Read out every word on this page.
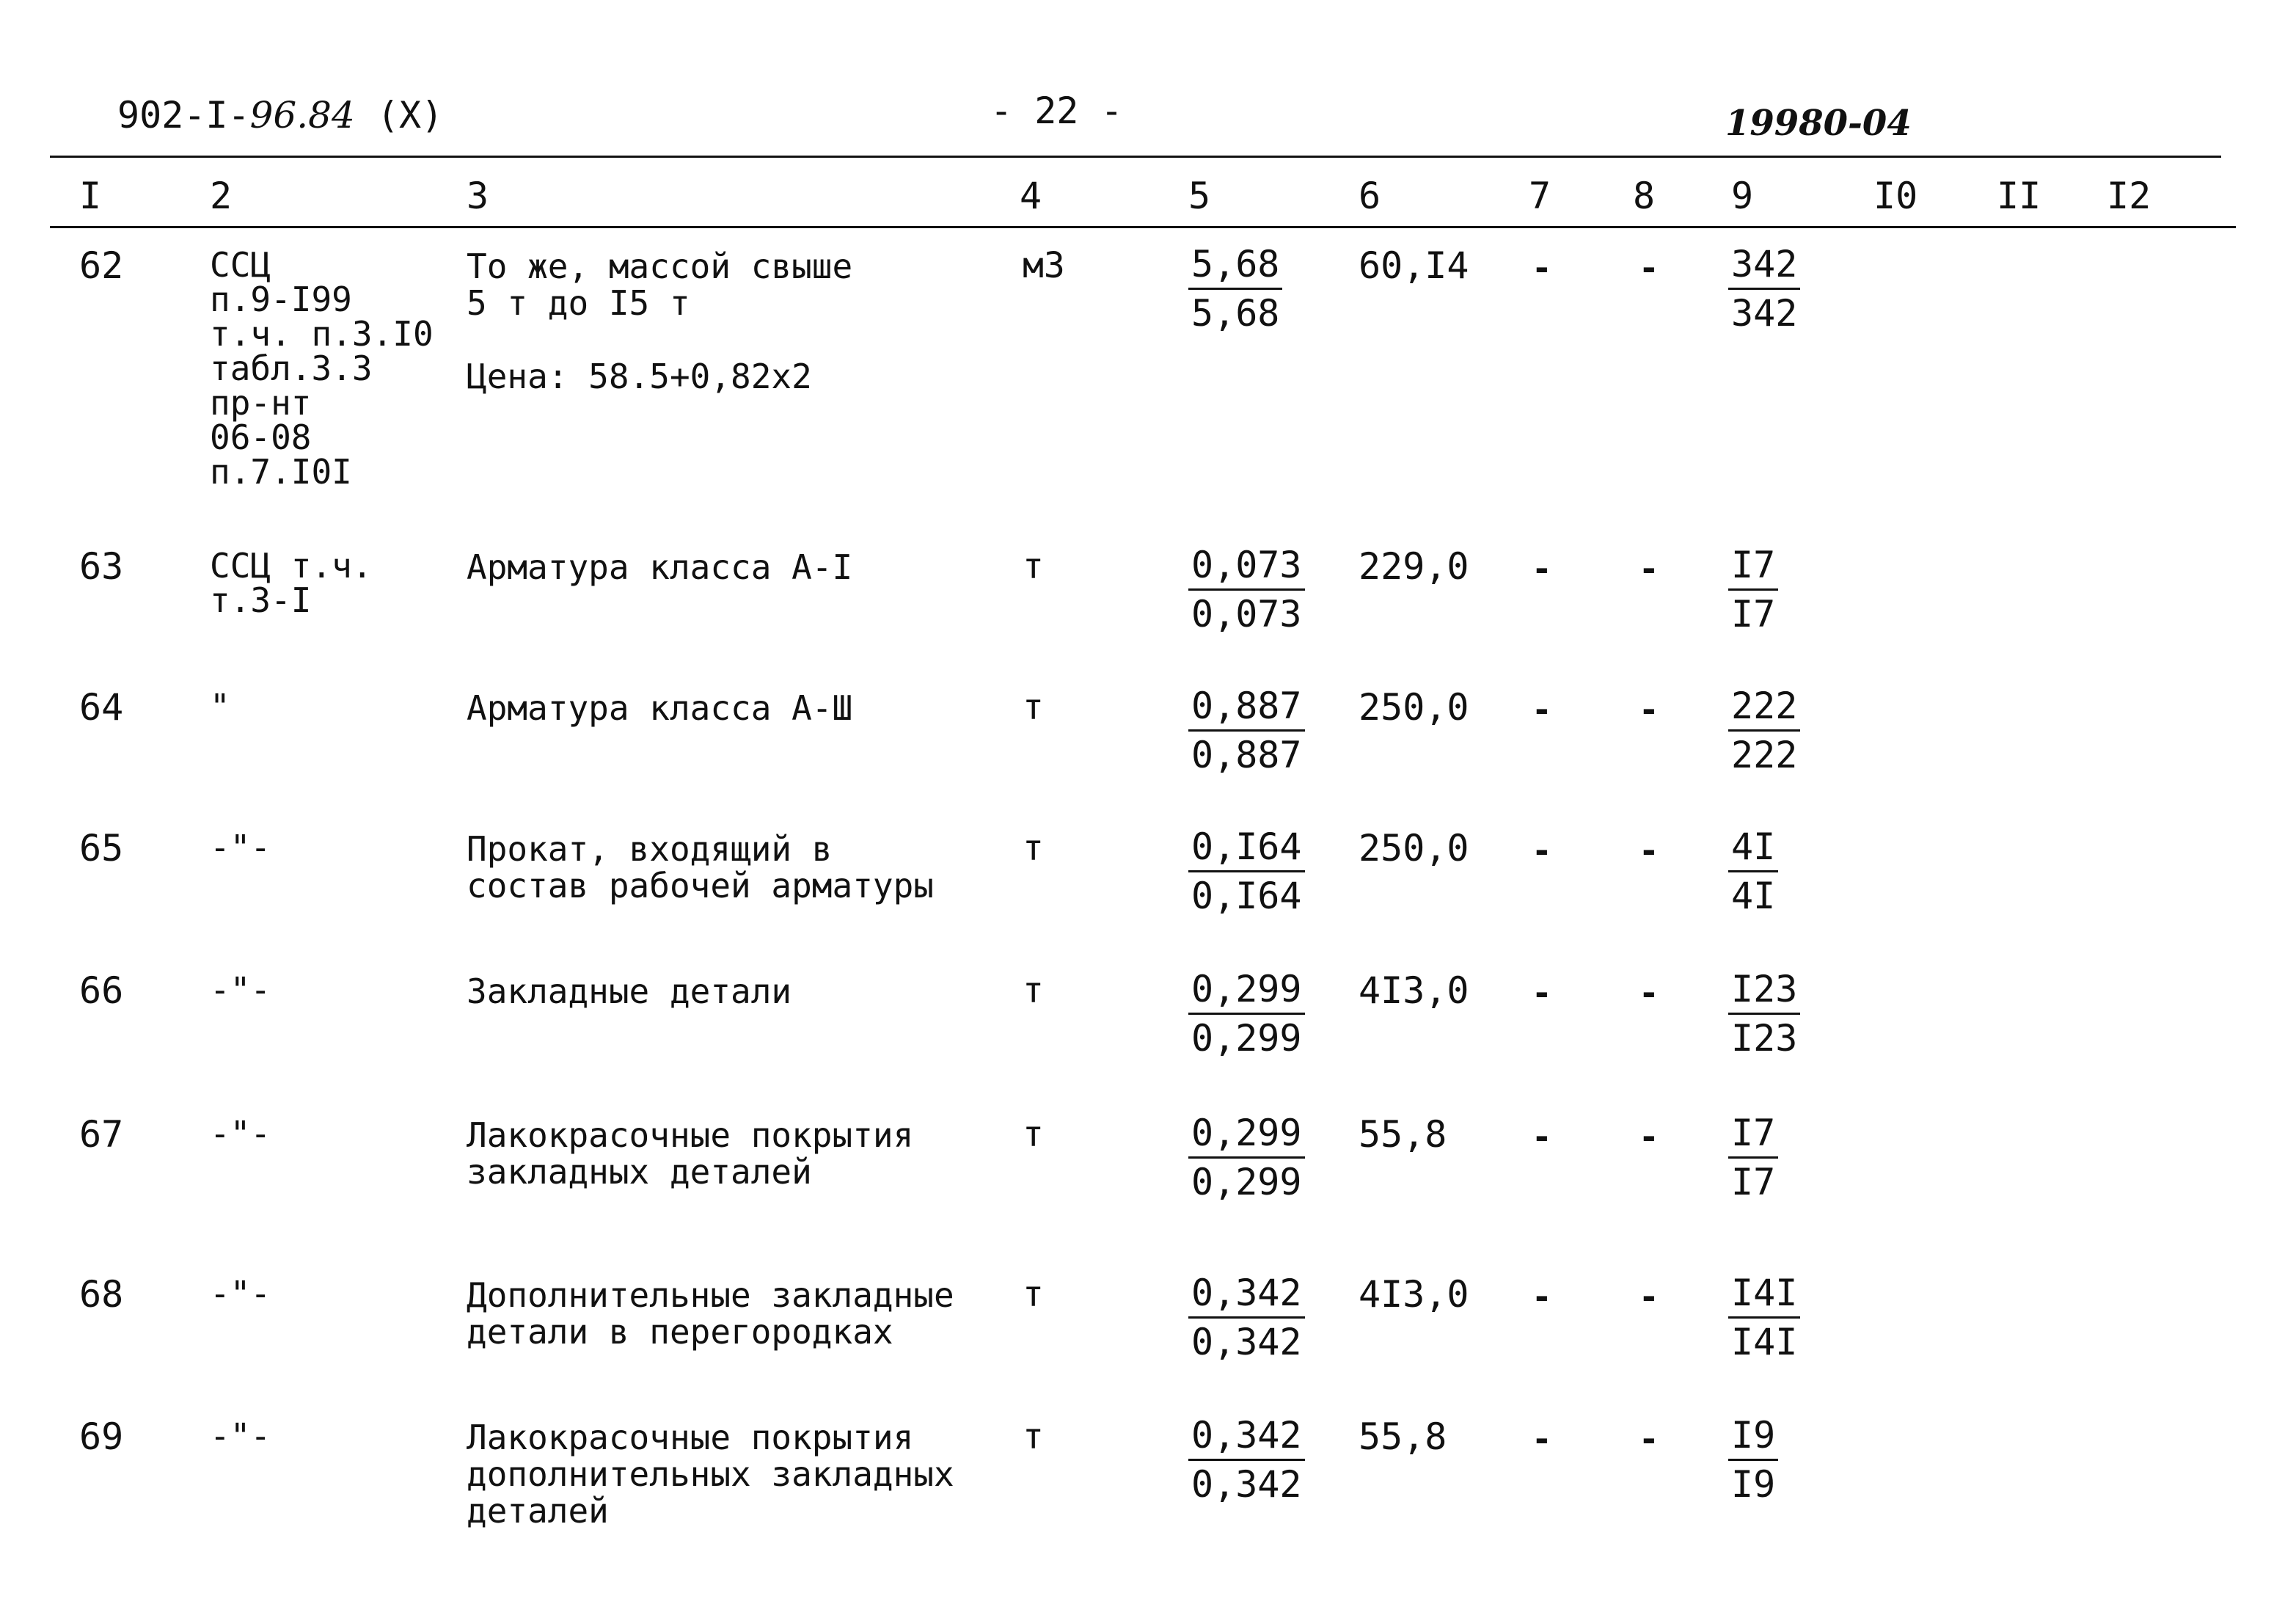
902-I-96.84 (X)	- 22 -	19980-04
I	2	3	4	5	6	7 8 9	I0 II I2
62	ССЦ
п.9-I99
т.ч. п.3.I0
табл.3.3
пр-нт
06-08
п.7.I0I
То же, массой свыше
5 т до I5 т
Цена: 58.5+0,82x2
м3	$\frac{5,68}{5,68} 60,I4$ -	- $\frac{342}{342}$
63	ССЦ т.ч.
т.3-I
Арматура класса А-I	т	$\frac{0,073}{0,073} 229,0$ -	- $\frac{I7}{I7}$
64	"	Арматура класса А-Ш	т	$\frac{0,887}{0,887} 250,0$ -	- $\frac{222}{222}$
65	-"-	Прокат, входящий в
состав рабочей арматуры
т	$\frac{0,I64}{0,I64} 250,0$ -	- $\frac{4I}{4I}$
66	-"-	Закладные детали	т	$\frac{0,299}{0,299} 4I3,0$ -	- $\frac{I23}{I23}$
67	-"-	Лакокрасочные покрытия
закладных деталей
т	$\frac{0,299}{0,299} 55,8$	-	- $\frac{I7}{I7}$
68	-"-	Дополнительные закладные
детали в перегородках
т	$\frac{0,342}{0,342} 4I3,0$ -	- $\frac{I4I}{I4I}$
69	-"-	Лакокрасочные покрытия
дополнительных закладных
деталей
т	$\frac{0,342}{0,342} 55,8$	-	- $\frac{I9}{I9}$
